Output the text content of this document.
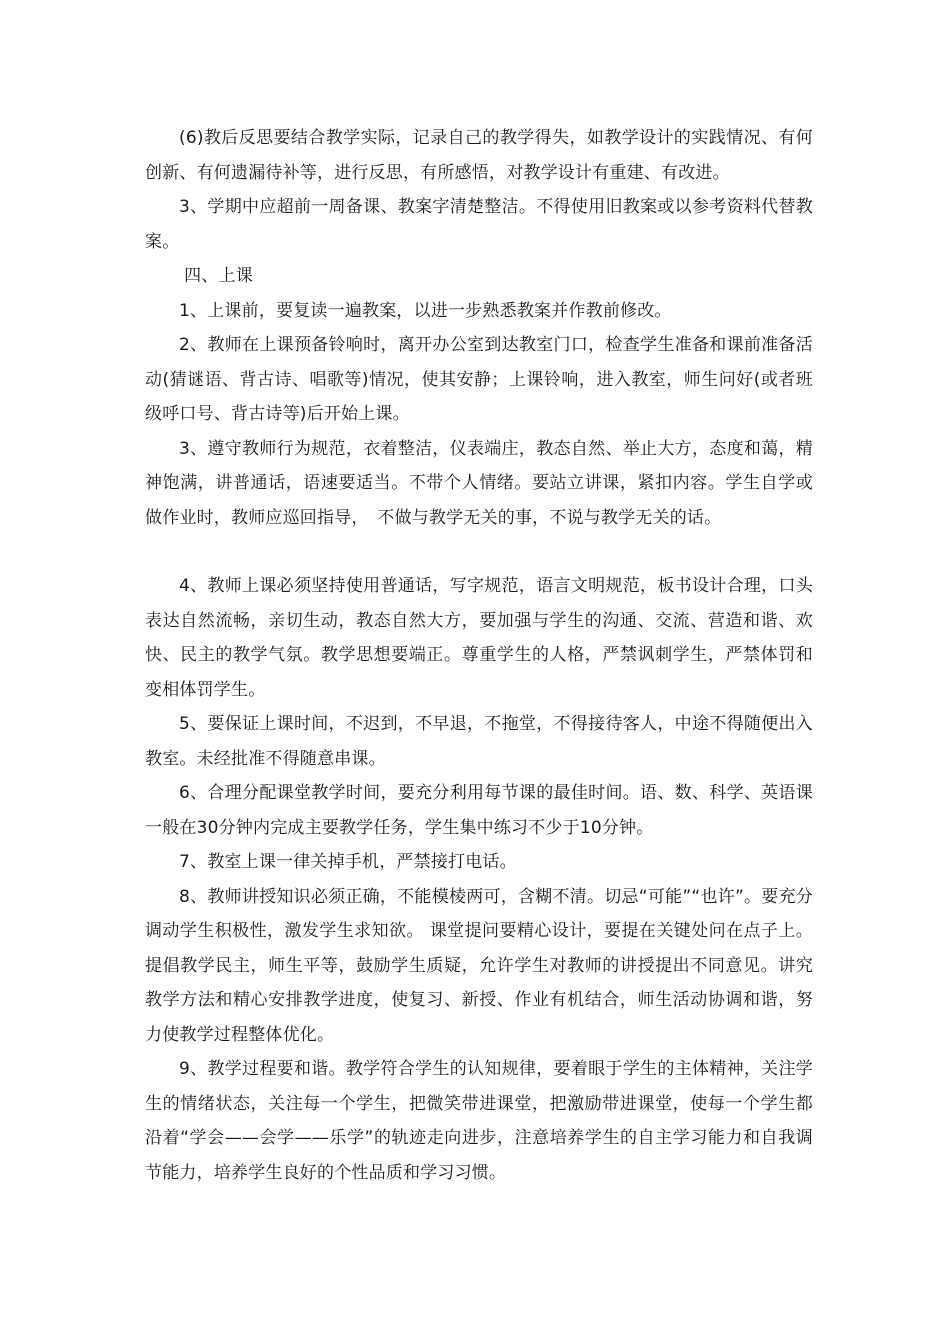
(6)教后反思要结合教学实际，记录自己的教学得失，如教学设计的实践情况、有何创新、有何遗漏待补等，进行反思，有所感悟，对教学设计有重建、有改进。

3、学期中应超前一周备课、教案字清楚整洁。不得使用旧教案或以参考资料代替教案。

四、上课

1、上课前，要复读一遍教案，以进一步熟悉教案并作教前修改。

2、教师在上课预备铃响时，离开办公室到达教室门口，检查学生准备和课前准备活动(猜谜语、背古诗、唱歌等)情况，使其安静；上课铃响，进入教室，师生问好(或者班级呼口号、背古诗等)后开始上课。

3、遵守教师行为规范，衣着整洁，仪表端庄，教态自然、举止大方，态度和蔼，精神饱满，讲普通话，语速要适当。不带个人情绪。要站立讲课，紧扣内容。学生自学或做作业时，教师应巡回指导，　不做与教学无关的事，不说与教学无关的话。

4、教师上课必须坚持使用普通话，写字规范，语言文明规范，板书设计合理，口头表达自然流畅，亲切生动，教态自然大方，要加强与学生的沟通、交流、营造和谐、欢快、民主的教学气氛。教学思想要端正。尊重学生的人格，严禁讽刺学生，严禁体罚和变相体罚学生。

5、要保证上课时间，不迟到，不早退，不拖堂，不得接待客人，中途不得随便出入教室。未经批准不得随意串课。

6、合理分配课堂教学时间，要充分利用每节课的最佳时间。语、数、科学、英语课一般在30分钟内完成主要教学任务，学生集中练习不少于10分钟。

7、教室上课一律关掉手机，严禁接打电话。

8、教师讲授知识必须正确，不能模棱两可，含糊不清。切忌“可能”“也许”。要充分调动学生积极性，激发学生求知欲。 课堂提问要精心设计，要提在关键处问在点子上。提倡教学民主，师生平等，鼓励学生质疑，允许学生对教师的讲授提出不同意见。讲究教学方法和精心安排教学进度，使复习、新授、作业有机结合，师生活动协调和谐，努力使教学过程整体优化。

9、教学过程要和谐。教学符合学生的认知规律，要着眼于学生的主体精神，关注学生的情绪状态，关注每一个学生，把微笑带进课堂，把激励带进课堂，使每一个学生都沿着“学会——会学——乐学”的轨迹走向进步，注意培养学生的自主学习能力和自我调节能力，培养学生良好的个性品质和学习习惯。
